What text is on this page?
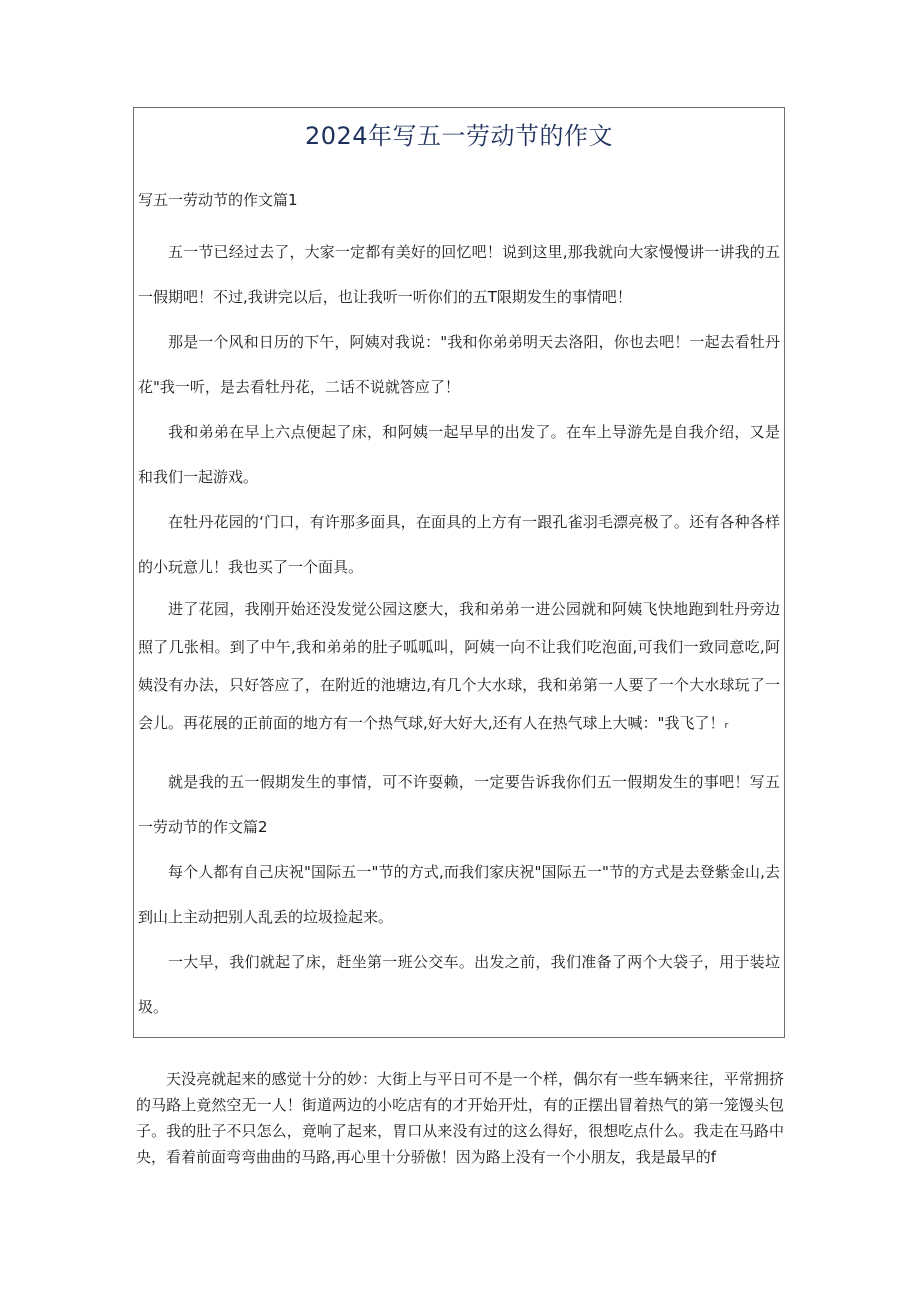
2024年写五一劳动节的作文
写五一劳动节的作文篇1

五一节已经过去了，大家一定都有美好的回忆吧！说到这里,那我就向大家慢慢讲一讲我的五一假期吧！不过,我讲完以后，也让我听一听你们的五T限期发生的事情吧！

那是一个风和日历的下午，阿姨对我说："我和你弟弟明天去洛阳，你也去吧！一起去看牡丹花"我一听，是去看牡丹花，二话不说就答应了！

我和弟弟在早上六点便起了床，和阿姨一起早早的出发了。在车上导游先是自我介绍，又是和我们一起游戏。

在牡丹花园的‘门口，有许那多面具，在面具的上方有一跟孔雀羽毛漂亮极了。还有各种各样的小玩意儿！我也买了一个面具。

进了花园，我刚开始还没发觉公园这麽大，我和弟弟一进公园就和阿姨飞快地跑到牡丹旁边照了几张相。到了中午,我和弟弟的肚子呱呱叫，阿姨一向不让我们吃泡面,可我们一致同意吃,阿姨没有办法，只好答应了，在附近的池塘边,有几个大水球，我和弟第一人要了一个大水球玩了一会儿。再花展的正前面的地方有一个热气球,好大好大,还有人在热气球上大喊："我飞了！ᵣ

就是我的五一假期发生的事情，可不许耍赖，一定要告诉我你们五一假期发生的事吧！写五一劳动节的作文篇2

每个人都有自己庆祝"国际五一"节的方式,而我们家庆祝"国际五一"节的方式是去登紫金山,去到山上主动把别人乱丢的垃圾捡起来。

一大早，我们就起了床，赶坐第一班公交车。出发之前，我们准备了两个大袋子，用于装垃圾。

天没亮就起来的感觉十分的妙：大街上与平日可不是一个样，偶尔有一些车辆来往，平常拥挤的马路上竟然空无一人！街道两边的小吃店有的才开始开灶，有的正摆出冒着热气的第一笼馒头包子。我的肚子不只怎么，竟响了起来，胃口从来没有过的这么得好，很想吃点什么。我走在马路中央，看着前面弯弯曲曲的马路,再心里十分骄傲！因为路上没有一个小朋友，我是最早的f
